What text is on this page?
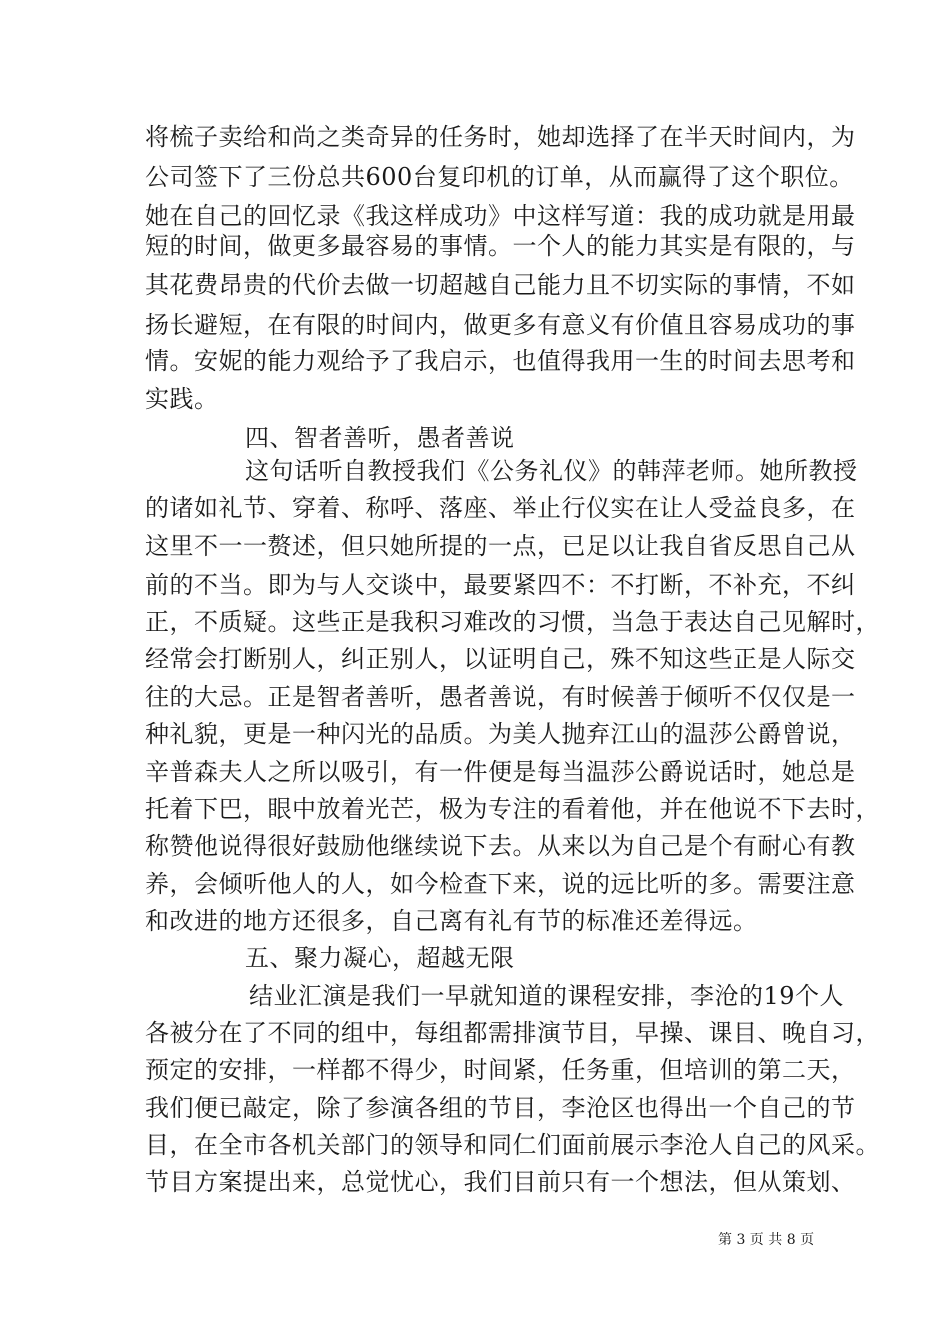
将梳子卖给和尚之类奇异的任务时，她却选择了在半天时间内，为
公司签下了三份总共600台复印机的订单，从而赢得了这个职位。
她在自己的回忆录《我这样成功》中这样写道：我的成功就是用最
短的时间，做更多最容易的事情。一个人的能力其实是有限的，与
其花费昂贵的代价去做一切超越自己能力且不切实际的事情，不如
扬长避短，在有限的时间内，做更多有意义有价值且容易成功的事
情。安妮的能力观给予了我启示，也值得我用一生的时间去思考和
实践。
四、智者善听，愚者善说
这句话听自教授我们《公务礼仪》的韩萍老师。她所教授
的诸如礼节、穿着、称呼、落座、举止行仪实在让人受益良多，在
这里不一一赘述，但只她所提的一点，已足以让我自省反思自己从
前的不当。即为与人交谈中，最要紧四不：不打断，不补充，不纠
正，不质疑。这些正是我积习难改的习惯，当急于表达自己见解时，
经常会打断别人，纠正别人，以证明自己，殊不知这些正是人际交
往的大忌。正是智者善听，愚者善说，有时候善于倾听不仅仅是一
种礼貌，更是一种闪光的品质。为美人抛弃江山的温莎公爵曾说，
辛普森夫人之所以吸引，有一件便是每当温莎公爵说话时，她总是
托着下巴，眼中放着光芒，极为专注的看着他，并在他说不下去时，
称赞他说得很好鼓励他继续说下去。从来以为自己是个有耐心有教
养，会倾听他人的人，如今检查下来，说的远比听的多。需要注意
和改进的地方还很多，自己离有礼有节的标准还差得远。
五、聚力凝心，超越无限
结业汇演是我们一早就知道的课程安排，李沧的19个人
各被分在了不同的组中，每组都需排演节目，早操、课目、晚自习，
预定的安排，一样都不得少，时间紧，任务重，但培训的第二天，
我们便已敲定，除了参演各组的节目，李沧区也得出一个自己的节
目，在全市各机关部门的领导和同仁们面前展示李沧人自己的风采。
节目方案提出来，总觉忧心，我们目前只有一个想法，但从策划、
第 3 页 共 8 页
